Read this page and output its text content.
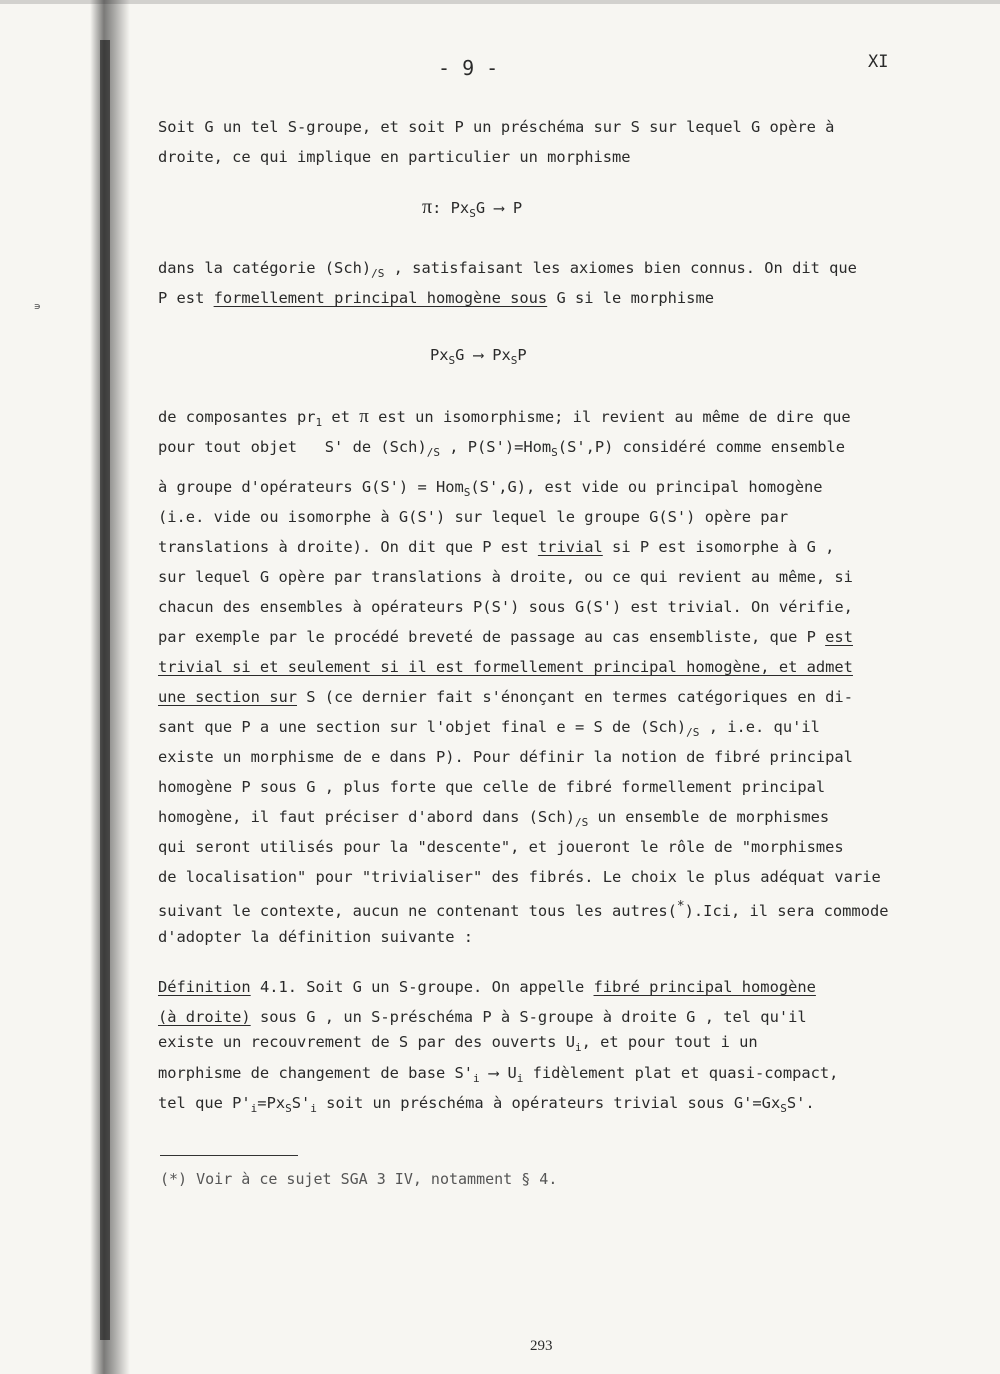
∍
- 9 -	XI
Soit G un tel S-groupe, et soit P un préschéma sur S sur lequel G opère à
droite, ce qui implique en particulier un morphisme
π: $Px_SG$ ⟶ P
dans la catégorie $(Sch)_{/S}$ , satisfaisant les axiomes bien connus. On dit que
P est formellement principal homogène sous G si le morphisme
$Px_SG$ ⟶ $Px_SP$
de composantes $pr_1$ et π est un isomorphisme; il revient au même de dire que
pour tout objet   S' de $(Sch)_{/S}$ , P(S')=Hom$_S$(S',P) considéré comme ensemble
à groupe d'opérateurs G(S') = Hom$_S$(S',G), est vide ou principal homogène
(i.e. vide ou isomorphe à G(S') sur lequel le groupe G(S') opère par
translations à droite). On dit que P est trivial si P est isomorphe à G ,
sur lequel G opère par translations à droite, ou ce qui revient au même, si
chacun des ensembles à opérateurs P(S') sous G(S') est trivial. On vérifie,
par exemple par le procédé breveté de passage au cas ensembliste, que P est
trivial si et seulement si il est formellement principal homogène, et admet
une section sur S (ce dernier fait s'énonçant en termes catégoriques en di-
sant que P a une section sur l'objet final e = S de $(Sch)_{/S}$ , i.e. qu'il
existe un morphisme de e dans P). Pour définir la notion de fibré principal
homogène P sous G , plus forte que celle de fibré formellement principal
homogène, il faut préciser d'abord dans $(Sch)_{/S}$ un ensemble de morphismes
qui seront utilisés pour la "descente", et joueront le rôle de "morphismes
de localisation" pour "trivialiser" des fibrés. Le choix le plus adéquat varie
suivant le contexte, aucun ne contenant tous les autres(*).Ici, il sera commode
d'adopter la définition suivante :
Définition 4.1. Soit G un S-groupe. On appelle fibré principal homogène
(à droite) sous G , un S-préschéma P à S-groupe à droite G , tel qu'il
existe un recouvrement de S par des ouverts $U_i$, et pour tout i un
morphisme de changement de base $S'_i$ ⟶ $U_i$ fidèlement plat et quasi-compact,
tel que $P'_i=Px_SS'_i$ soit un préschéma à opérateurs trivial sous $G'=Gx_SS'$.
(*) Voir à ce sujet SGA 3 IV, notamment § 4.
293
